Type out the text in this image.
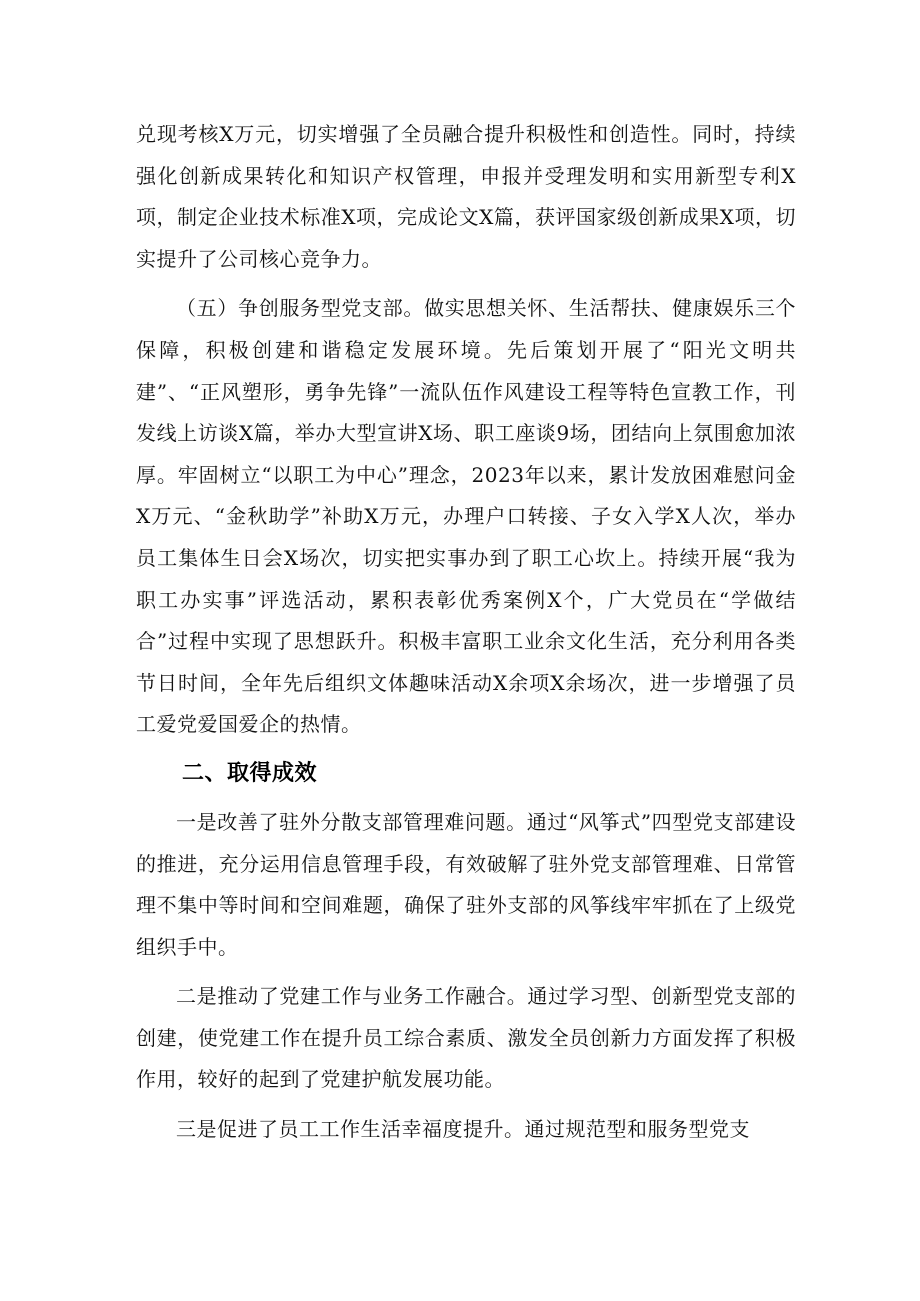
兑现考核X万元，切实增强了全员融合提升积极性和创造性。同时，持续强化创新成果转化和知识产权管理，申报并受理发明和实用新型专利X项，制定企业技术标准X项，完成论文X篇，获评国家级创新成果X项，切实提升了公司核心竞争力。

（五）争创服务型党支部。做实思想关怀、生活帮扶、健康娱乐三个保障，积极创建和谐稳定发展环境。先后策划开展了“阳光文明共建”、“正风塑形，勇争先锋”一流队伍作风建设工程等特色宣教工作，刊发线上访谈X篇，举办大型宣讲X场、职工座谈9场，团结向上氛围愈加浓厚。牢固树立“以职工为中心”理念，2023年以来，累计发放困难慰问金X万元、“金秋助学”补助X万元，办理户口转接、子女入学X人次，举办员工集体生日会X场次，切实把实事办到了职工心坎上。持续开展“我为职工办实事”评选活动，累积表彰优秀案例X个，广大党员在“学做结合”过程中实现了思想跃升。积极丰富职工业余文化生活，充分利用各类节日时间，全年先后组织文体趣味活动X余项X余场次，进一步增强了员工爱党爱国爱企的热情。

二、取得成效

一是改善了驻外分散支部管理难问题。通过“风筝式”四型党支部建设的推进，充分运用信息管理手段，有效破解了驻外党支部管理难、日常管理不集中等时间和空间难题，确保了驻外支部的风筝线牢牢抓在了上级党组织手中。

二是推动了党建工作与业务工作融合。通过学习型、创新型党支部的创建，使党建工作在提升员工综合素质、激发全员创新力方面发挥了积极作用，较好的起到了党建护航发展功能。

三是促进了员工工作生活幸福度提升。通过规范型和服务型党支
